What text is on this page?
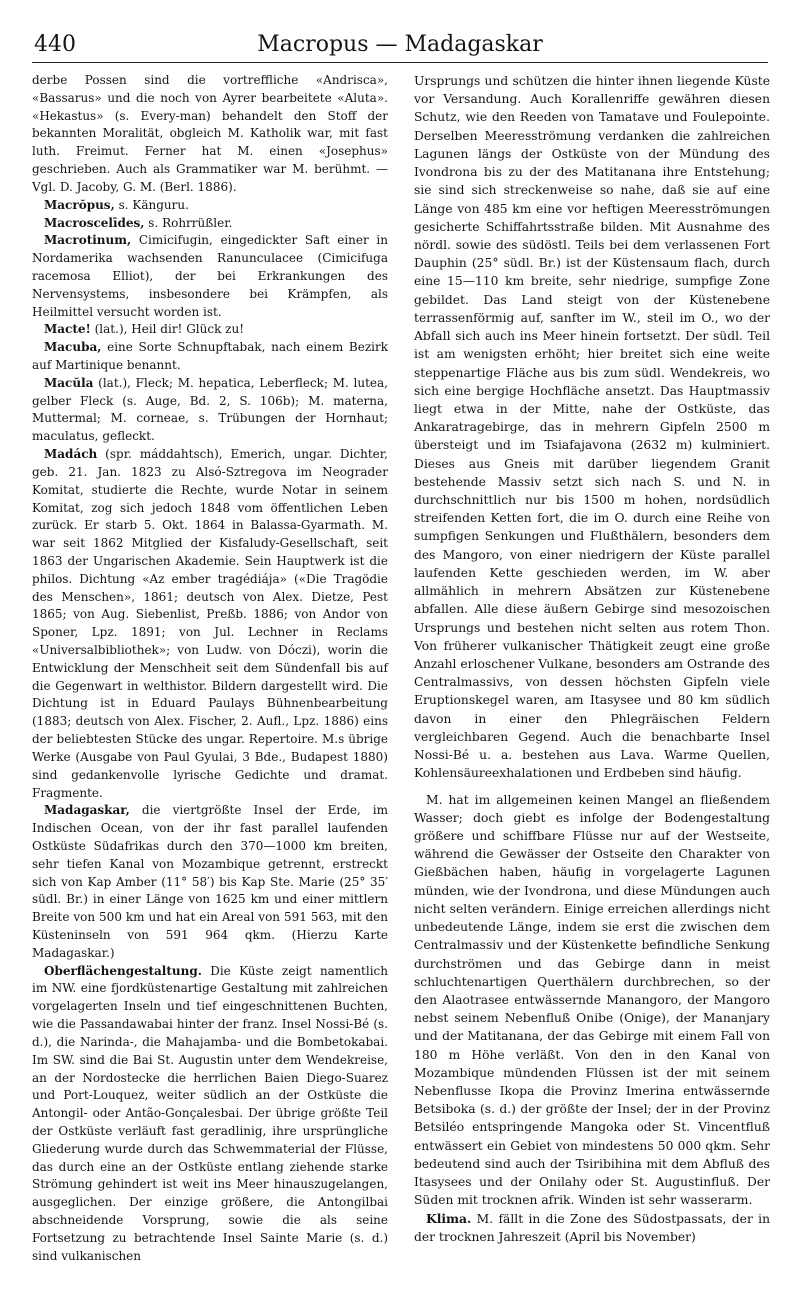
440	Macropus — Madagaskar

derbe Possen sind die vortreffliche «Andrisca», «Bassarus» und die noch von Ayrer bearbeitete «Aluta». «Hekastus» (s. Every-man) behandelt den Stoff der bekannten Moralität, obgleich M. Katholik war, mit fast luth. Freimut. Ferner hat M. einen «Josephus» geschrieben. Auch als Grammatiker war M. berühmt. — Vgl. D. Jacoby, G. M. (Berl. 1886).

Macrŏpus, s. Känguru.

Macroscelīdes, s. Rohrrüßler.

Macrotinum, Cimicifugin, eingedickter Saft einer in Nordamerika wachsenden Ranunculacee (Cimicifuga racemosa Elliot), der bei Erkrankungen des Nervensystems, insbesondere bei Krämpfen, als Heilmittel versucht worden ist.

Macte! (lat.), Heil dir! Glück zu!

Macuba, eine Sorte Schnupftabak, nach einem Bezirk auf Martinique benannt.

Macŭla (lat.), Fleck; M. hepatica, Leberfleck; M. lutea, gelber Fleck (s. Auge, Bd. 2, S. 106b); M. materna, Muttermal; M. corneae, s. Trübungen der Hornhaut; maculatus, gefleckt.

Madách (spr. máddahtsch), Emerich, ungar. Dichter, geb. 21. Jan. 1823 zu Alsó-Sztregova im Neograder Komitat, studierte die Rechte, wurde Notar in seinem Komitat, zog sich jedoch 1848 vom öffentlichen Leben zurück. Er starb 5. Okt. 1864 in Balassa-Gyarmath. M. war seit 1862 Mitglied der Kisfaludy-Gesellschaft, seit 1863 der Ungarischen Akademie. Sein Hauptwerk ist die philos. Dichtung «Az ember tragédiája» («Die Tragödie des Menschen», 1861; deutsch von Alex. Dietze, Pest 1865; von Aug. Siebenlist, Preßb. 1886; von Andor von Sponer, Lpz. 1891; von Jul. Lechner in Reclams «Universalbibliothek»; von Ludw. von Dóczi), worin die Entwicklung der Menschheit seit dem Sündenfall bis auf die Gegenwart in welthistor. Bildern dargestellt wird. Die Dichtung ist in Eduard Paulays Bühnenbearbeitung (1883; deutsch von Alex. Fischer, 2. Aufl., Lpz. 1886) eins der beliebtesten Stücke des ungar. Repertoire. M.s übrige Werke (Ausgabe von Paul Gyulai, 3 Bde., Budapest 1880) sind gedankenvolle lyrische Gedichte und dramat. Fragmente.

Madagaskar, die viertgrößte Insel der Erde, im Indischen Ocean, von der ihr fast parallel laufenden Ostküste Südafrikas durch den 370—1000 km breiten, sehr tiefen Kanal von Mozambique getrennt, erstreckt sich von Kap Amber (11° 58′) bis Kap Ste. Marie (25° 35′ südl. Br.) in einer Länge von 1625 km und einer mittlern Breite von 500 km und hat ein Areal von 591 563, mit den Küsteninseln von 591 964 qkm. (Hierzu Karte Madagaskar.)

Oberflächengestaltung. Die Küste zeigt namentlich im NW. eine fjordküstenartige Gestaltung mit zahlreichen vorgelagerten Inseln und tief eingeschnittenen Buchten, wie die Passandawabai hinter der franz. Insel Nossi-Bé (s. d.), die Narinda-, die Mahajamba- und die Bombetokabai. Im SW. sind die Bai St. Augustin unter dem Wendekreise, an der Nordostecke die herrlichen Baien Diego-Suarez und Port-Louquez, weiter südlich an der Ostküste die Antongil- oder Antão-Gonçalesbai. Der übrige größte Teil der Ostküste verläuft fast geradlinig, ihre ursprüngliche Gliederung wurde durch das Schwemmaterial der Flüsse, das durch eine an der Ostküste entlang ziehende starke Strömung gehindert ist weit ins Meer hinauszugelangen, ausgeglichen. Der einzige größere, die Antongilbai abschneidende Vorsprung, sowie die als seine Fortsetzung zu betrachtende Insel Sainte Marie (s. d.) sind vulkanischen

Ursprungs und schützen die hinter ihnen liegende Küste vor Versandung. Auch Korallenriffe gewähren diesen Schutz, wie den Reeden von Tamatave und Foulepointe. Derselben Meeresströmung verdanken die zahlreichen Lagunen längs der Ostküste von der Mündung des Ivondrona bis zu der des Matitanana ihre Entstehung; sie sind sich streckenweise so nahe, daß sie auf eine Länge von 485 km eine vor heftigen Meeresströmungen gesicherte Schiffahrtsstraße bilden. Mit Ausnahme des nördl. sowie des südöstl. Teils bei dem verlassenen Fort Dauphin (25° südl. Br.) ist der Küstensaum flach, durch eine 15—110 km breite, sehr niedrige, sumpfige Zone gebildet. Das Land steigt von der Küstenebene terrassenförmig auf, sanfter im W., steil im O., wo der Abfall sich auch ins Meer hinein fortsetzt. Der südl. Teil ist am wenigsten erhöht; hier breitet sich eine weite steppenartige Fläche aus bis zum südl. Wendekreis, wo sich eine bergige Hochfläche ansetzt. Das Hauptmassiv liegt etwa in der Mitte, nahe der Ostküste, das Ankaratragebirge, das in mehrern Gipfeln 2500 m übersteigt und im Tsiafajavona (2632 m) kulminiert. Dieses aus Gneis mit darüber liegendem Granit bestehende Massiv setzt sich nach S. und N. in durchschnittlich nur bis 1500 m hohen, nordsüdlich streifenden Ketten fort, die im O. durch eine Reihe von sumpfigen Senkungen und Flußthälern, besonders dem des Mangoro, von einer niedrigern der Küste parallel laufenden Kette geschieden werden, im W. aber allmählich in mehrern Absätzen zur Küstenebene abfallen. Alle diese äußern Gebirge sind mesozoischen Ursprungs und bestehen nicht selten aus rotem Thon. Von früherer vulkanischer Thätigkeit zeugt eine große Anzahl erloschener Vulkane, besonders am Ostrande des Centralmassivs, von dessen höchsten Gipfeln viele Eruptionskegel waren, am Itasysee und 80 km südlich davon in einer den Phlegräischen Feldern vergleichbaren Gegend. Auch die benachbarte Insel Nossi-Bé u. a. bestehen aus Lava. Warme Quellen, Kohlensäureexhalationen und Erdbeben sind häufig.

M. hat im allgemeinen keinen Mangel an fließendem Wasser; doch giebt es infolge der Bodengestaltung größere und schiffbare Flüsse nur auf der Westseite, während die Gewässer der Ostseite den Charakter von Gießbächen haben, häufig in vorgelagerte Lagunen münden, wie der Ivondrona, und diese Mündungen auch nicht selten verändern. Einige erreichen allerdings nicht unbedeutende Länge, indem sie erst die zwischen dem Centralmassiv und der Küstenkette befindliche Senkung durchströmen und das Gebirge dann in meist schluchtenartigen Querthälern durchbrechen, so der den Alaotrasee entwässernde Manangoro, der Mangoro nebst seinem Nebenfluß Onibe (Onige), der Mananjary und der Matitanana, der das Gebirge mit einem Fall von 180 m Höhe verläßt. Von den in den Kanal von Mozambique mündenden Flüssen ist der mit seinem Nebenflusse Ikopa die Provinz Imerina entwässernde Betsiboka (s. d.) der größte der Insel; der in der Provinz Betsiléo entspringende Mangoka oder St. Vincentfluß entwässert ein Gebiet von mindestens 50 000 qkm. Sehr bedeutend sind auch der Tsiribihina mit dem Abfluß des Itasysees und der Onilahy oder St. Augustinfluß. Der Süden mit trocknen afrik. Winden ist sehr wasserarm.

Klima. M. fällt in die Zone des Südostpassats, der in der trocknen Jahreszeit (April bis November)
